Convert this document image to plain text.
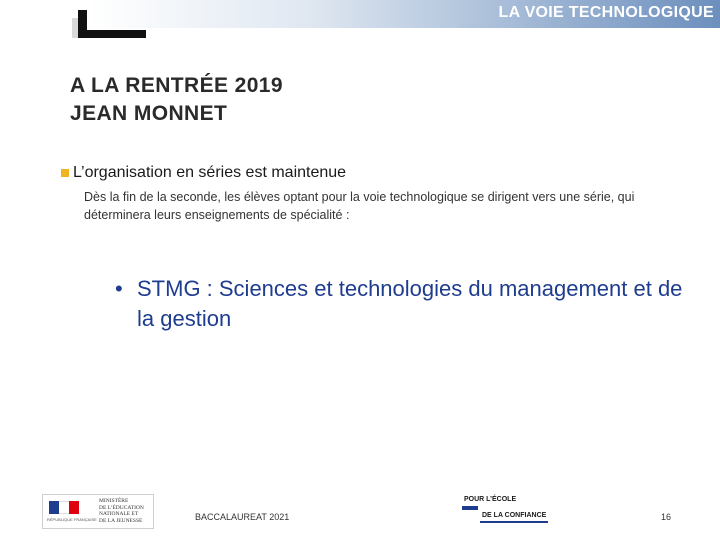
LA VOIE TECHNOLOGIQUE
A LA RENTRÉE 2019
JEAN MONNET
L’organisation en séries est maintenue
Dès la fin de la seconde, les élèves optant pour la voie technologique se dirigent vers une série, qui déterminera leurs enseignements de spécialité :
• STMG : Sciences et technologies du management et de la gestion
RÉPUBLIQUE FRANÇAISE
MINISTÈRE
DE L’ÉDUCATION
NATIONALE ET
DE LA JEUNESSE	BACCALAUREAT 2021
POUR L’ÉCOLE
DE LA CONFIANCE	16
